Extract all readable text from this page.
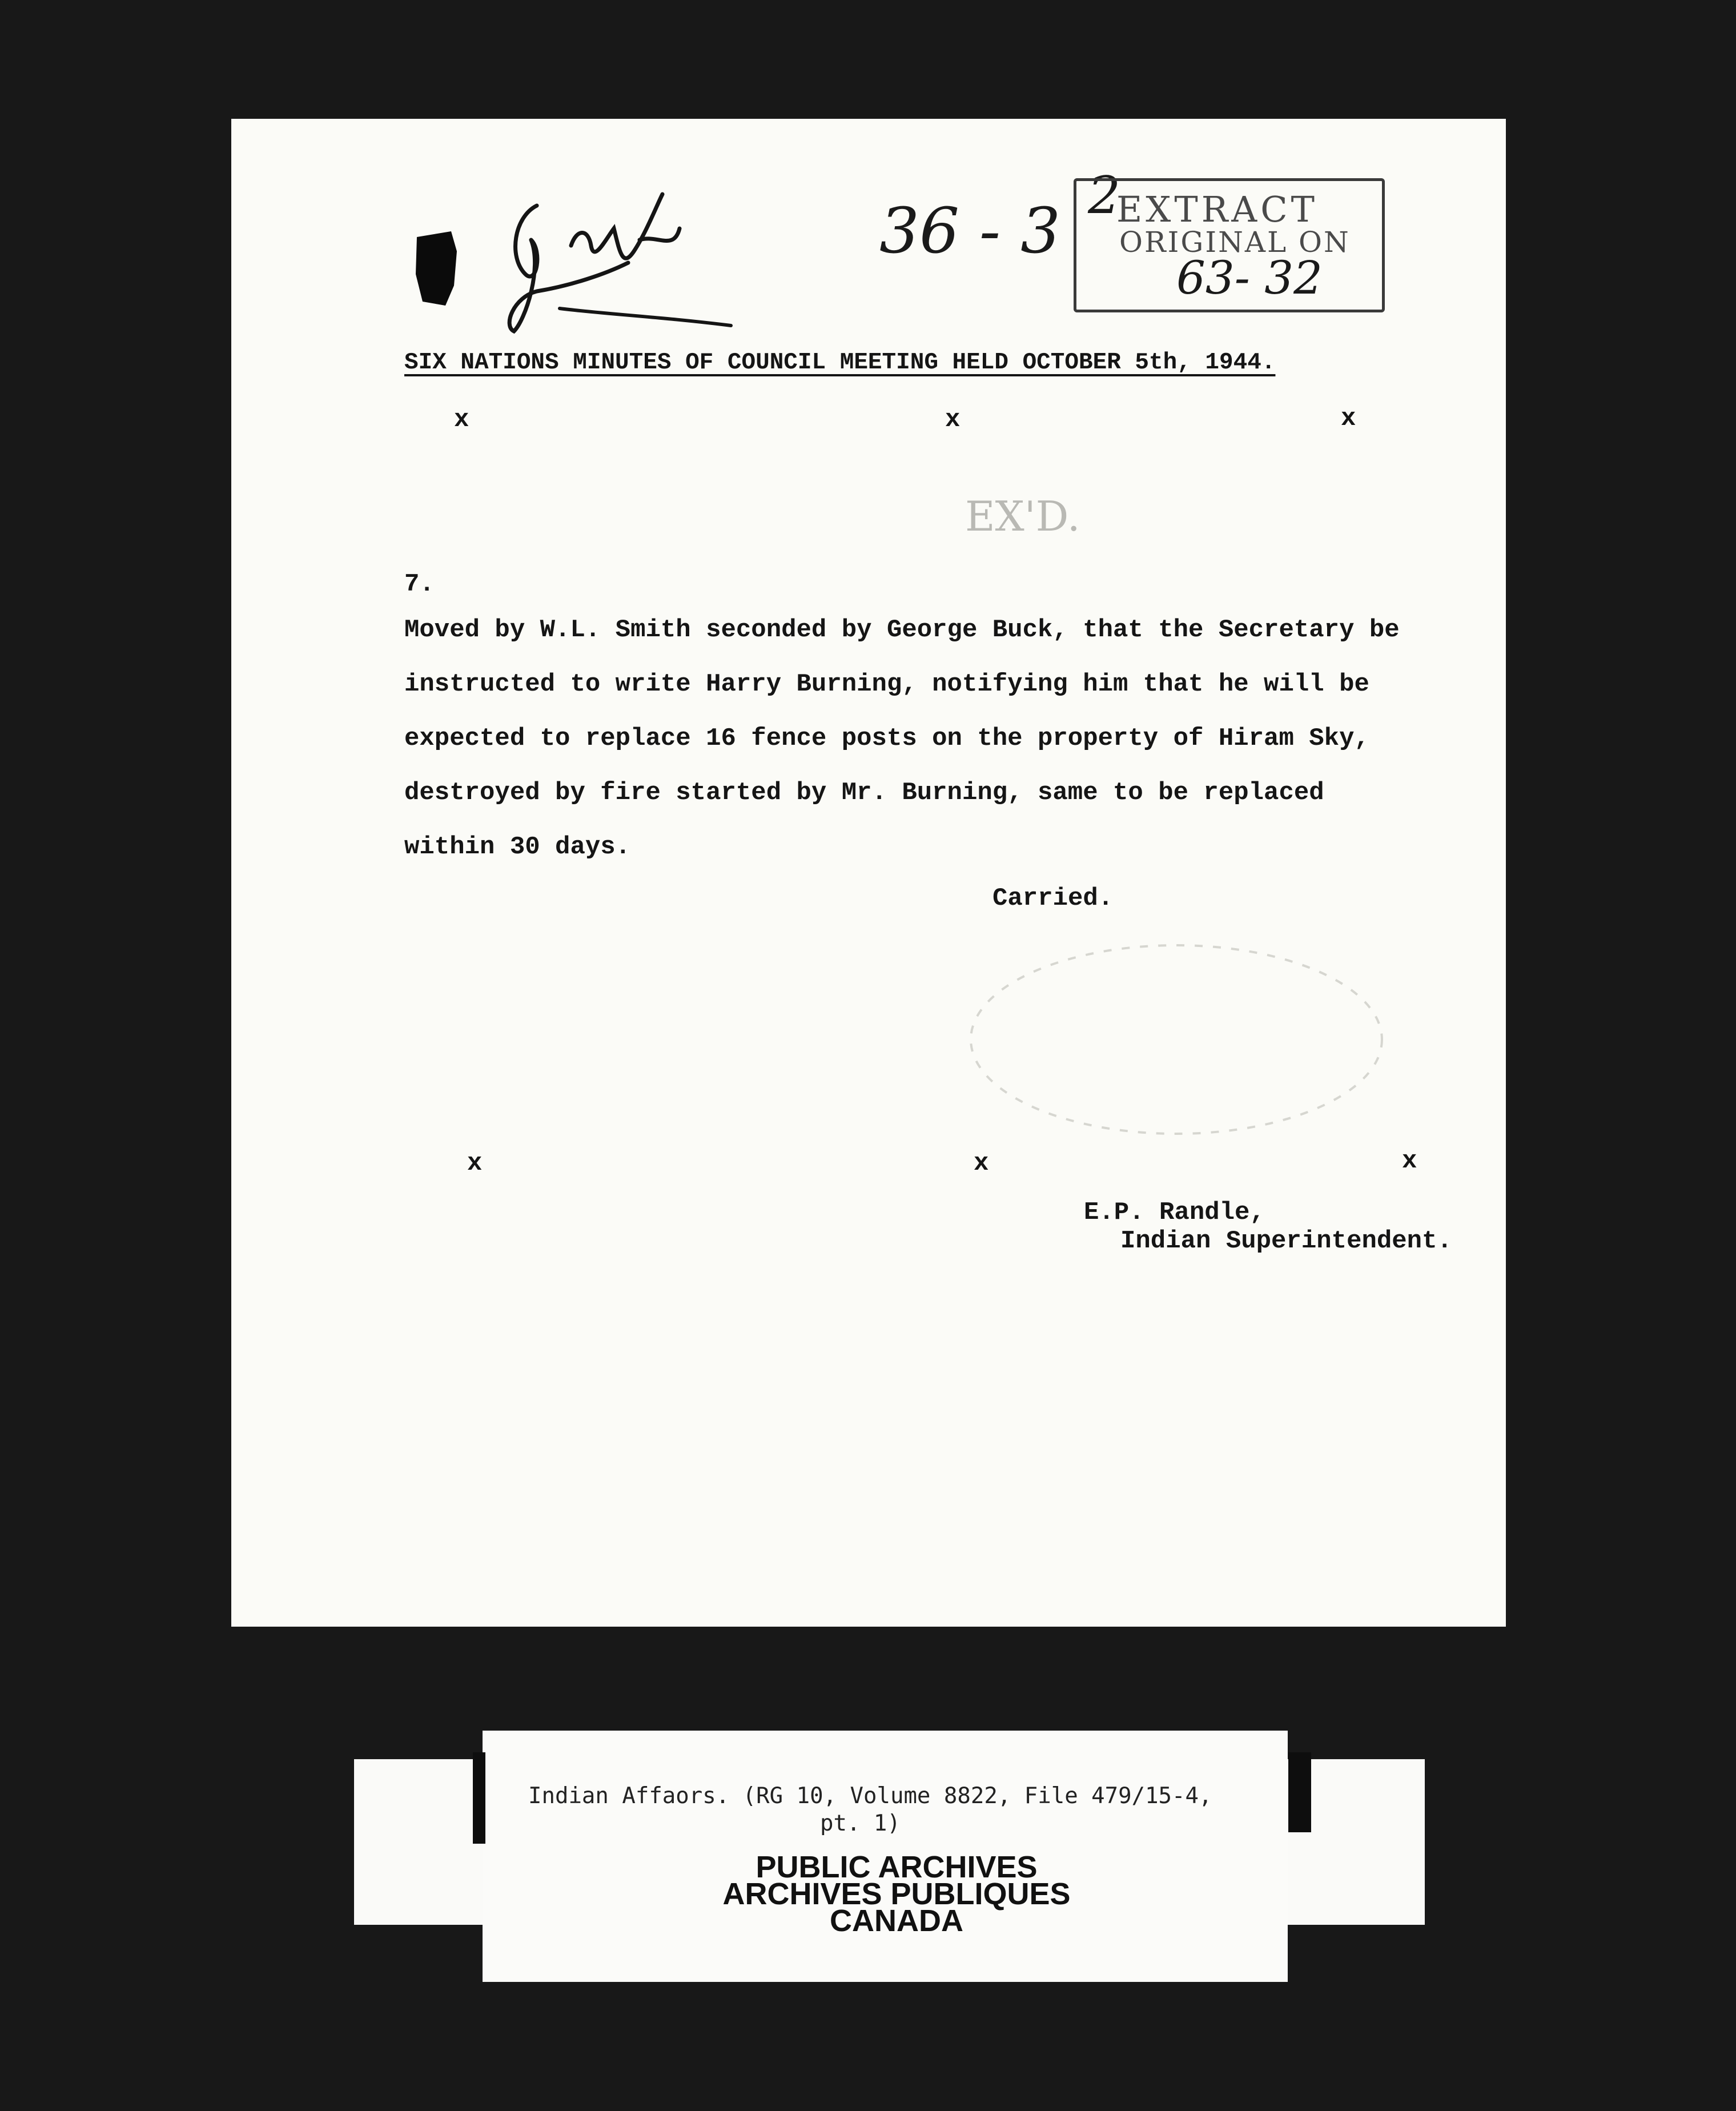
36 - 3 2
EXTRACT
ORIGINAL ON
63- 32
SIX NATIONS MINUTES OF COUNCIL MEETING HELD OCTOBER 5th, 1944.
x	x	x
EX'D.
7.
Moved by W.L. Smith seconded by George Buck, that the Secretary be
instructed to write Harry Burning, notifying him that he will be
expected to replace 16 fence posts on the property of Hiram Sky,
destroyed by fire started by Mr. Burning, same to be replaced
within 30 days.
Carried.
x	x	x
E.P. Randle,
Indian Superintendent.
Indian Affaors. (RG 10, Volume 8822, File 479/15-4,
pt. 1)
PUBLIC ARCHIVES
ARCHIVES PUBLIQUES
CANADA
